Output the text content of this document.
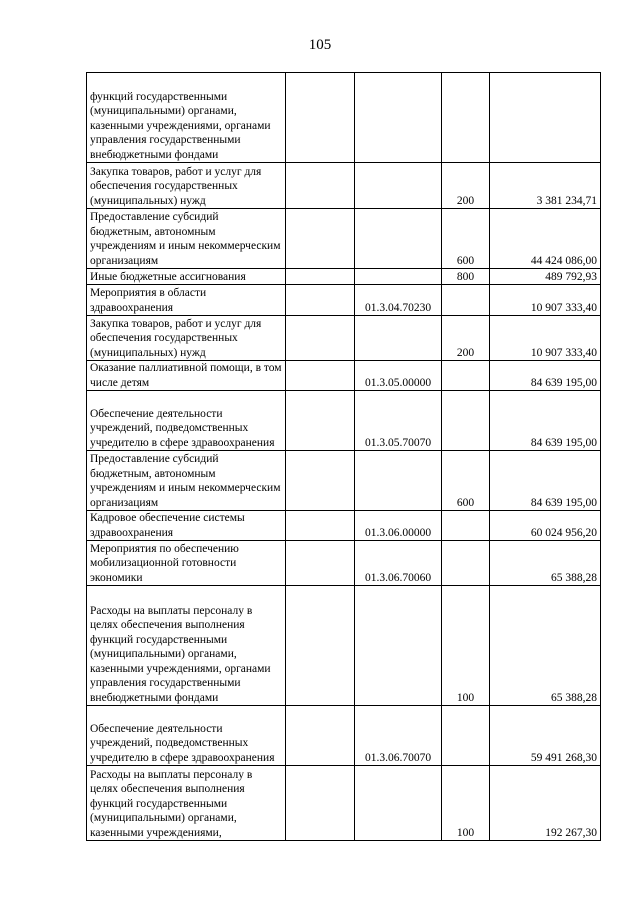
105
функций государственными (муниципальными) органами, казенными учреждениями, органами управления государственными внебюджетными фондами				
Закупка товаров, работ и услуг для обеспечения государственных (муниципальных) нужд			200	3 381 234,71
Предоставление субсидий бюджетным, автономным учреждениям и иным некоммерческим организациям			600	44 424 086,00
Иные бюджетные ассигнования			800	489 792,93
Мероприятия в области здравоохранения		01.3.04.70230		10 907 333,40
Закупка товаров, работ и услуг для обеспечения государственных (муниципальных) нужд			200	10 907 333,40
Оказание паллиативной помощи, в том числе детям		01.3.05.00000		84 639 195,00
Обеспечение деятельности учреждений, подведомственных учредителю в сфере здравоохранения		01.3.05.70070		84 639 195,00
Предоставление субсидий бюджетным, автономным учреждениям и иным некоммерческим организациям			600	84 639 195,00
Кадровое обеспечение системы здравоохранения		01.3.06.00000		60 024 956,20
Мероприятия по обеспечению мобилизационной готовности экономики		01.3.06.70060		65 388,28
Расходы на выплаты персоналу в целях обеспечения выполнения функций государственными (муниципальными) органами, казенными учреждениями, органами управления государственными внебюджетными фондами			100	65 388,28
Обеспечение деятельности учреждений, подведомственных учредителю в сфере здравоохранения		01.3.06.70070		59 491 268,30
Расходы на выплаты персоналу в целях обеспечения выполнения функций государственными (муниципальными) органами, казенными учреждениями,			100	192 267,30
